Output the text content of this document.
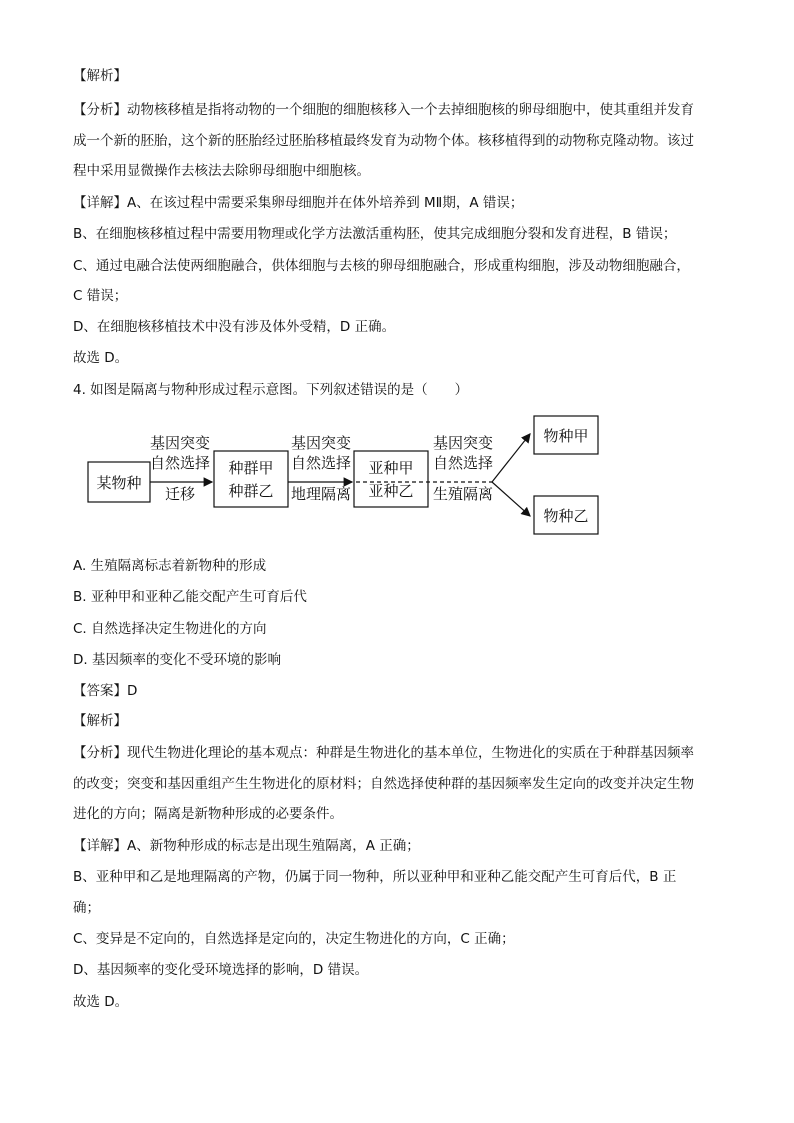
【解析】
【分析】动物核移植是指将动物的一个细胞的细胞核移入一个去掉细胞核的卵母细胞中，使其重组并发育
成一个新的胚胎，这个新的胚胎经过胚胎移植最终发育为动物个体。核移植得到的动物称克隆动物。该过
程中采用显微操作去核法去除卵母细胞中细胞核。
【详解】A、在该过程中需要采集卵母细胞并在体外培养到 MⅡ期，A 错误；
B、在细胞核移植过程中需要用物理或化学方法激活重构胚，使其完成细胞分裂和发育进程，B 错误；
C、通过电融合法使两细胞融合，供体细胞与去核的卵母细胞融合，形成重构细胞，涉及动物细胞融合，
C 错误；
D、在细胞核移植技术中没有涉及体外受精，D 正确。
故选 D。
4. 如图是隔离与物种形成过程示意图。下列叙述错误的是（　　）
某物种
基因突变
自然选择
迁移
种群甲
种群乙
基因突变
自然选择
地理隔离
亚种甲
亚种乙
基因突变
自然选择
生殖隔离
物种甲
物种乙
A. 生殖隔离标志着新物种的形成
B. 亚种甲和亚种乙能交配产生可育后代
C. 自然选择决定生物进化的方向
D. 基因频率的变化不受环境的影响
【答案】D
【解析】
【分析】现代生物进化理论的基本观点：种群是生物进化的基本单位，生物进化的实质在于种群基因频率
的改变；突变和基因重组产生生物进化的原材料；自然选择使种群的基因频率发生定向的改变并决定生物
进化的方向；隔离是新物种形成的必要条件。
【详解】A、新物种形成的标志是出现生殖隔离，A 正确；
B、亚种甲和乙是地理隔离的产物，仍属于同一物种，所以亚种甲和亚种乙能交配产生可育后代，B 正
确；
C、变异是不定向的，自然选择是定向的，决定生物进化的方向，C 正确；
D、基因频率的变化受环境选择的影响，D 错误。
故选 D。
